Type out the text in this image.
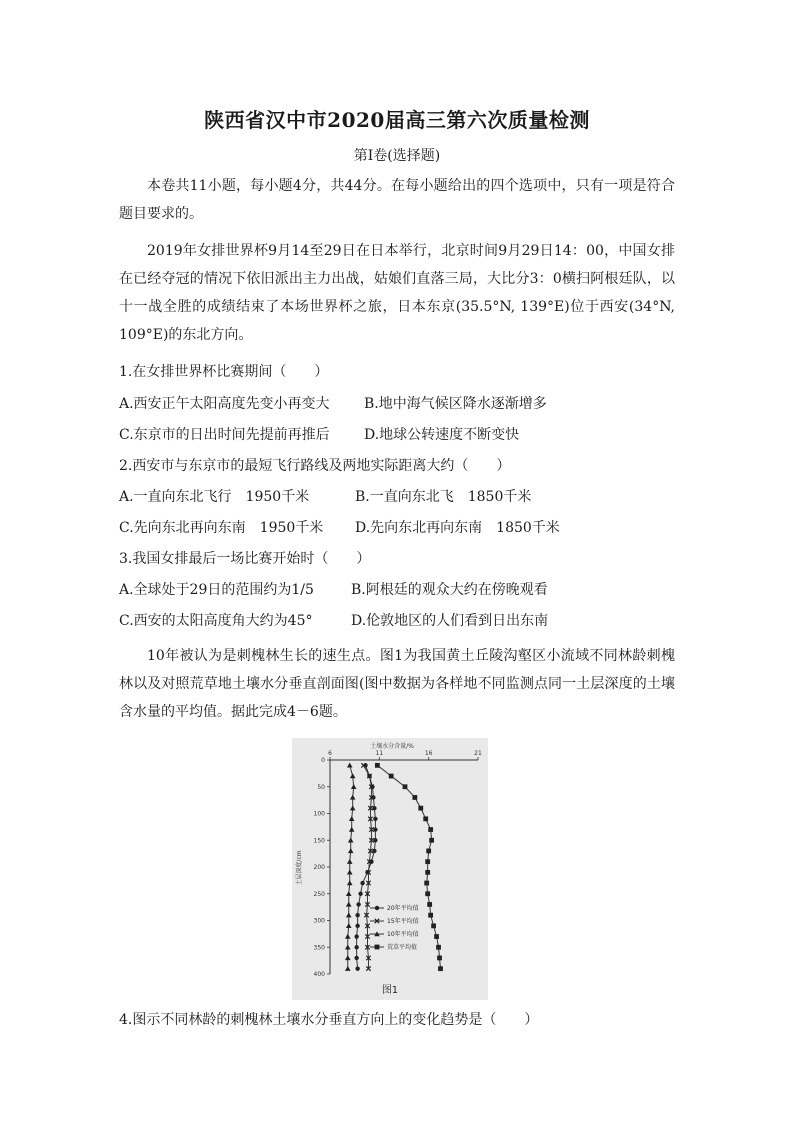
陕西省汉中市2020届高三第六次质量检测
第Ⅰ卷(选择题)
本卷共11小题，每小题4分，共44分。在每小题给出的四个选项中，只有一项是符合题目要求的。
2019年女排世界杯9月14至29日在日本举行，北京时间9月29日14：00，中国女排在已经夺冠的情况下依旧派出主力出战，姑娘们直落三局，大比分3：0横扫阿根廷队，以十一战全胜的成绩结束了本场世界杯之旅，日本东京(35.5°N, 139°E)位于西安(34°N, 109°E)的东北方向。
1.在女排世界杯比赛期间（　　）
A.西安正午太阳高度先变小再变大 B.地中海气候区降水逐渐增多
C.东京市的日出时间先提前再推后 D.地球公转速度不断变快
2.西安市与东京市的最短飞行路线及两地实际距离大约（　　）
A.一直向东北飞行　1950千米	B.一直向东北飞　1850千米
C.先向东北再向东南　1950千米 D.先向东北再向东南　1850千米
3.我国女排最后一场比赛开始时（　　）
A.全球处于29日的范围约为1/5	B.阿根廷的观众大约在傍晚观看
C.西安的太阳高度角大约为45°	D.伦敦地区的人们看到日出东南
10年被认为是刺槐林生长的速生点。图1为我国黄土丘陵沟壑区小流域不同林龄刺槐林以及对照荒草地土壤水分垂直剖面图(图中数据为各样地不同监测点同一土层深度的土壤含水量的平均值。据此完成4－6题。
6	11	16	21
0
50
100
150
200
250
300
350
400
20年平均值
15年平均值
10年平均值
荒草平均值
土壤水分含量/%
土层深度/cm
图1
4.图示不同林龄的刺槐林土壤水分垂直方向上的变化趋势是（　　）
